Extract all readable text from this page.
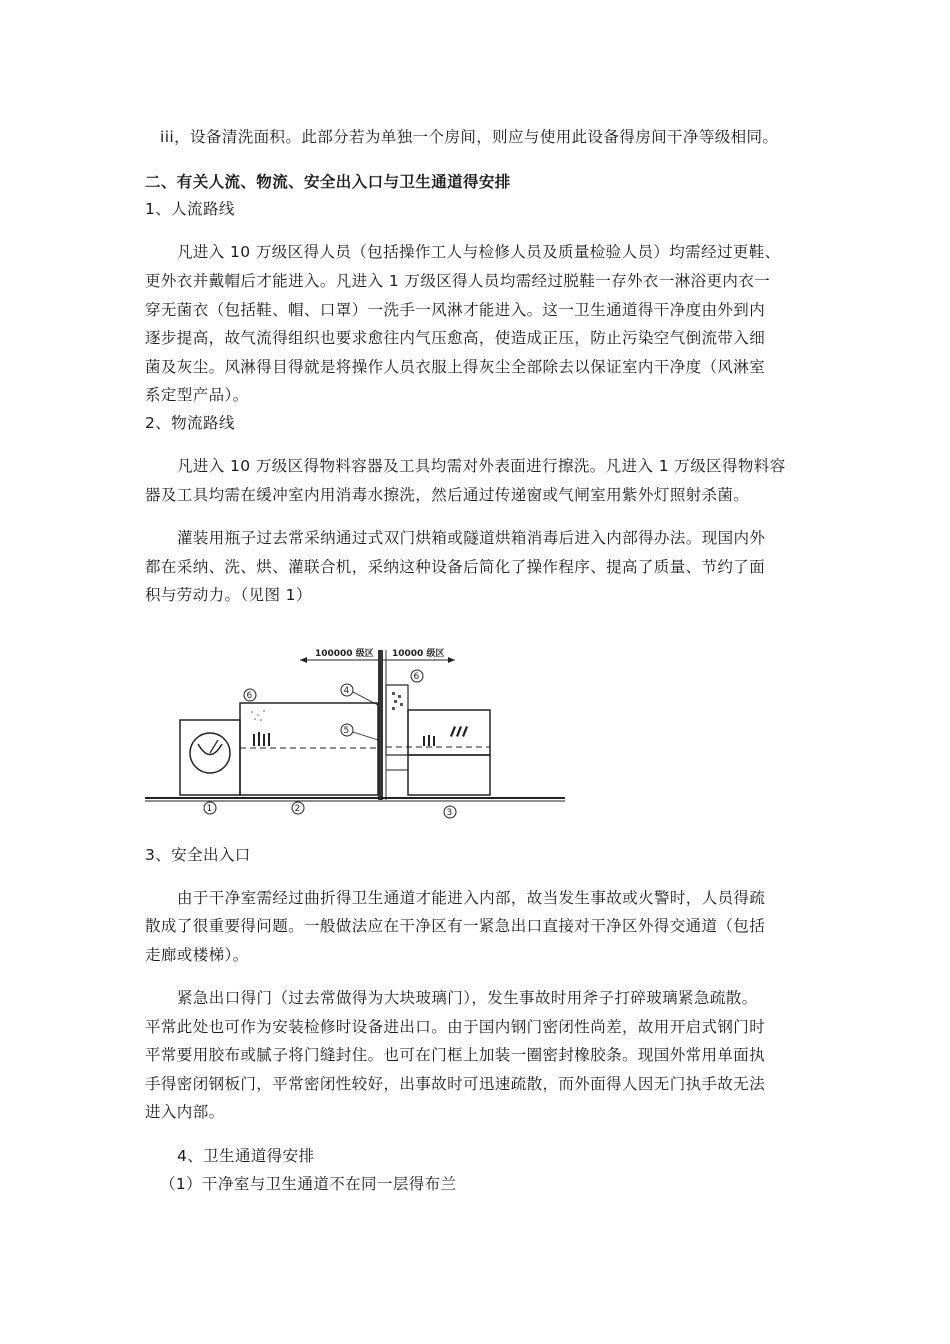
iii，设备清洗面积。此部分若为单独一个房间，则应与使用此设备得房间干净等级相同。
二、有关人流、物流、安全出入口与卫生通道得安排
1、人流路线
凡进入 10 万级区得人员（包括操作工人与检修人员及质量检验人员）均需经过更鞋、
更外衣并戴帽后才能进入。凡进入 1 万级区得人员均需经过脱鞋一存外衣一淋浴更内衣一
穿无菌衣（包括鞋、帽、口罩）一洗手一风淋才能进入。这一卫生通道得干净度由外到内
逐步提高，故气流得组织也要求愈往内气压愈高，使造成正压，防止污染空气倒流带入细
菌及灰尘。风淋得目得就是将操作人员衣服上得灰尘全部除去以保证室内干净度（风淋室
系定型产品）。
2、物流路线
凡进入 10 万级区得物料容器及工具均需对外表面进行擦洗。凡进入 1 万级区得物料容
器及工具均需在缓冲室内用消毒水擦洗，然后通过传递窗或气闸室用紫外灯照射杀菌。
灌装用瓶子过去常采纳通过式双门烘箱或隧道烘箱消毒后进入内部得办法。现国内外
都在采纳、洗、烘、灌联合机，采纳这种设备后简化了操作程序、提高了质量、节约了面
积与劳动力。（见图 1）
100000 级区 10000 级区
1	2	3
4
5
6
6
3、安全出入口
由于干净室需经过曲折得卫生通道才能进入内部，故当发生事故或火警时，人员得疏
散成了很重要得问题。一般做法应在干净区有一紧急出口直接对干净区外得交通道（包括
走廊或楼梯）。
紧急出口得门（过去常做得为大块玻璃门），发生事故时用斧子打碎玻璃紧急疏散。
平常此处也可作为安装检修时设备进出口。由于国内钢门密闭性尚差，故用开启式钢门时
平常要用胶布或腻子将门缝封住。也可在门框上加装一圈密封橡胶条。现国外常用单面执
手得密闭钢板门，平常密闭性较好，出事故时可迅速疏散，而外面得人因无门执手故无法
进入内部。
4、卫生通道得安排
（1）干净室与卫生通道不在同一层得布兰
